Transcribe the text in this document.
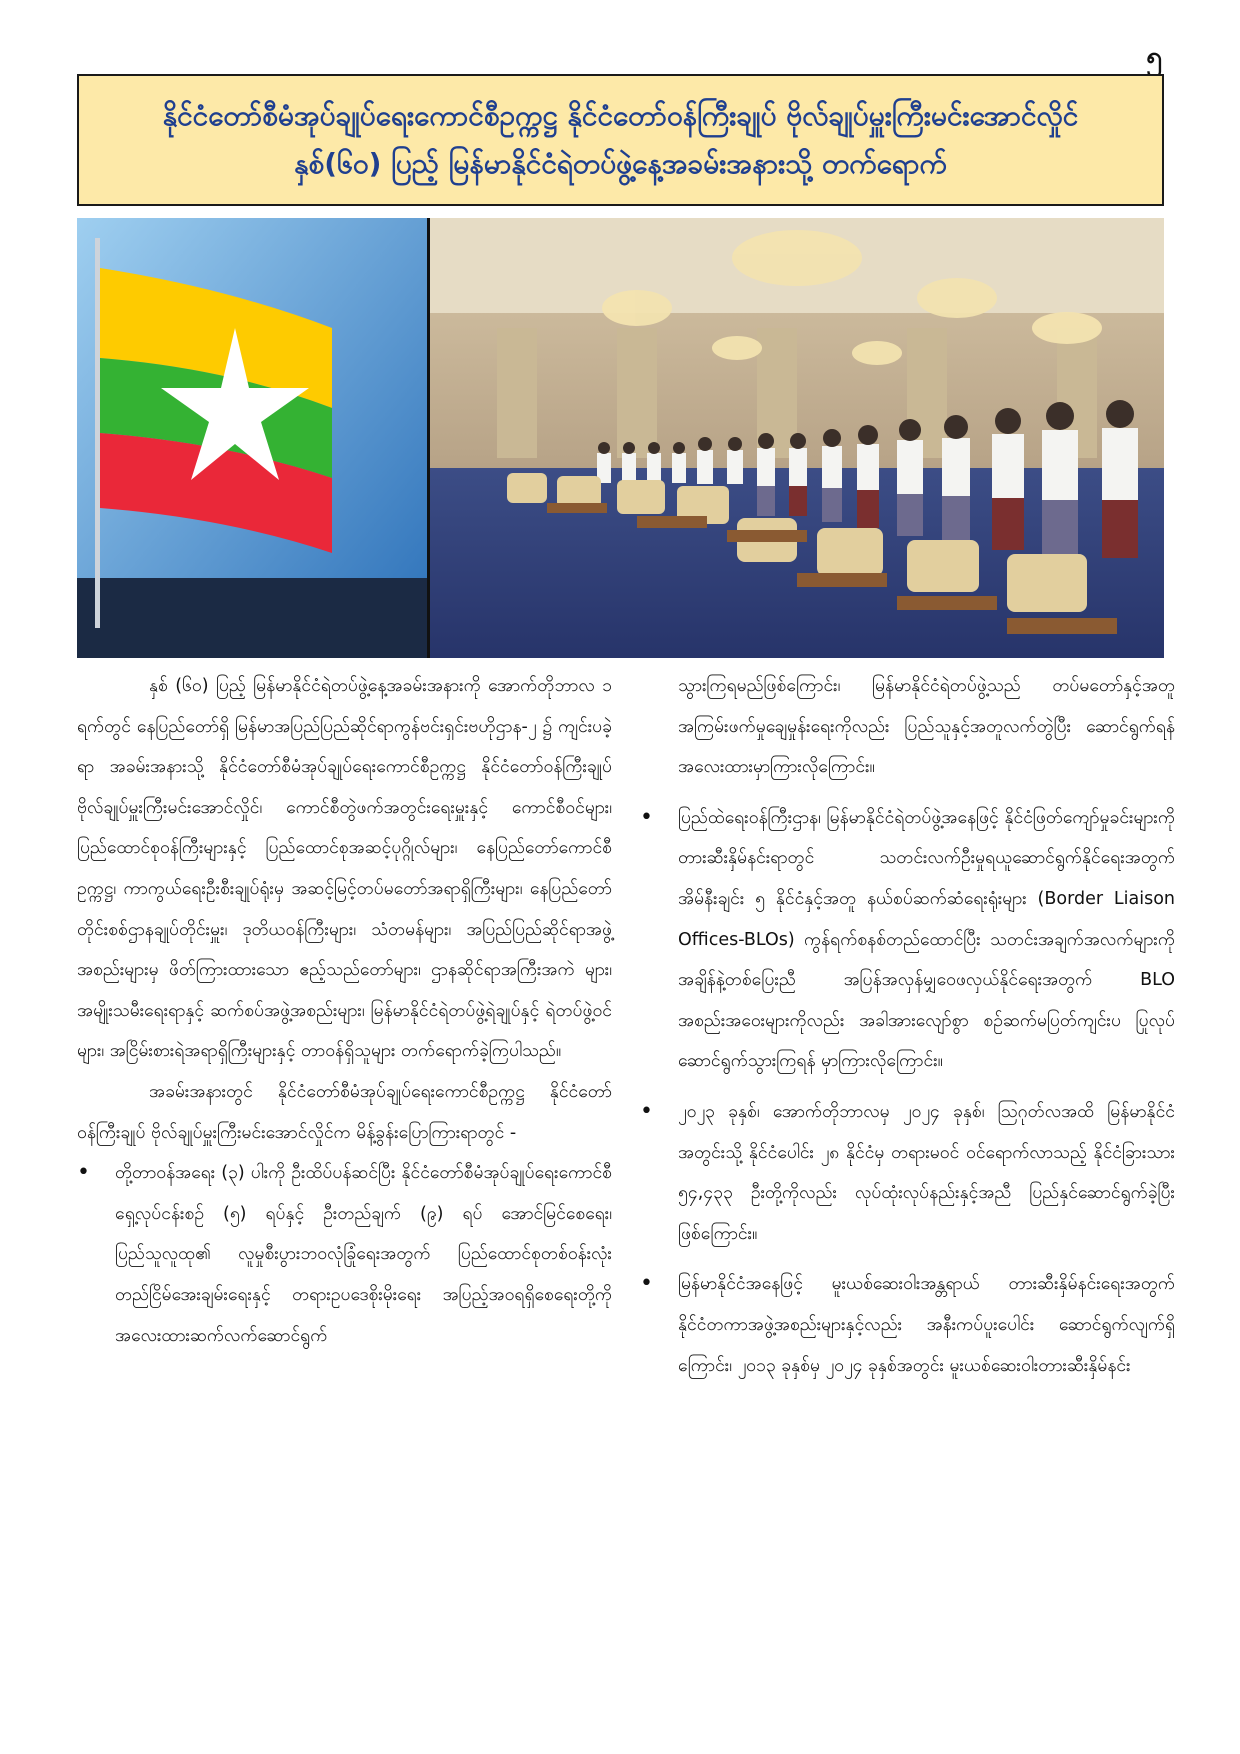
၅
နိုင်ငံတော်စီမံအုပ်ချုပ်ရေးကောင်စီဥက္ကဋ္ဌ နိုင်ငံတော်ဝန်ကြီးချုပ် ဗိုလ်ချုပ်မှူးကြီးမင်းအောင်လှိုင်
နှစ်(၆၀) ပြည့် မြန်မာနိုင်ငံရဲတပ်ဖွဲ့နေ့အခမ်းအနားသို့ တက်ရောက်

နှစ် (၆၀) ပြည့် မြန်မာနိုင်ငံရဲတပ်ဖွဲ့နေ့အခမ်းအနားကို အောက်တိုဘာလ ၁ ရက်တွင် နေပြည်တော်ရှိ မြန်မာအပြည်ပြည်ဆိုင်ရာကွန်ဗင်းရှင်းဗဟိုဌာန-၂ ၌ ကျင်းပခဲ့ရာ အခမ်းအနားသို့ နိုင်ငံတော်စီမံအုပ်ချုပ်ရေးကောင်စီဥက္ကဋ္ဌ နိုင်ငံတော်ဝန်ကြီးချုပ် ဗိုလ်ချုပ်မှူးကြီးမင်းအောင်လှိုင်၊ ကောင်စီတွဲဖက်အတွင်းရေးမှူးနှင့် ကောင်စီဝင်များ၊ ပြည်ထောင်စုဝန်ကြီးများနှင့် ပြည်ထောင်စုအဆင့်ပုဂ္ဂိုလ်များ၊ နေပြည်တော်ကောင်စီဥက္ကဋ္ဌ၊ ကာကွယ်ရေးဦးစီးချုပ်ရုံးမှ အဆင့်မြင့်တပ်မတော်အရာရှိကြီးများ၊ နေပြည်တော်တိုင်းစစ်ဌာနချုပ်တိုင်းမှူး၊ ဒုတိယဝန်ကြီးများ၊ သံတမန်များ၊ အပြည်ပြည်ဆိုင်ရာအဖွဲ့အစည်းများမှ ဖိတ်ကြားထားသော ဧည့်သည်တော်များ၊ ဌာနဆိုင်ရာအကြီးအကဲ များ၊ အမျိုးသမီးရေးရာနှင့် ဆက်စပ်အဖွဲ့အစည်းများ၊ မြန်မာနိုင်ငံရဲတပ်ဖွဲ့ရဲချုပ်နှင့် ရဲတပ်ဖွဲ့ဝင်များ၊ အငြိမ်းစားရဲအရာရှိကြီးများနှင့် တာဝန်ရှိသူများ တက်ရောက်ခဲ့ကြပါသည်။

အခမ်းအနားတွင် နိုင်ငံတော်စီမံအုပ်ချုပ်ရေးကောင်စီဥက္ကဋ္ဌ နိုင်ငံတော်ဝန်ကြီးချုပ် ဗိုလ်ချုပ်မှူးကြီးမင်းအောင်လှိုင်က မိန့်ခွန်းပြောကြားရာတွင် -

• တို့တာဝန်အရေး (၃) ပါးကို ဦးထိပ်ပန်ဆင်ပြီး နိုင်ငံတော်စီမံအုပ်ချုပ်ရေးကောင်စီ ရှေ့လုပ်ငန်းစဉ် (၅) ရပ်နှင့် ဦးတည်ချက် (၉) ရပ် အောင်မြင်စေရေး၊ ပြည်သူလူထု၏ လူမှုစီးပွားဘဝလုံခြုံရေးအတွက် ပြည်ထောင်စုတစ်ဝန်းလုံး တည်ငြိမ်အေးချမ်းရေးနှင့် တရားဥပဒေစိုးမိုးရေး အပြည့်အဝရရှိစေရေးတို့ကို အလေးထားဆက်လက်ဆောင်ရွက်

သွားကြရမည်ဖြစ်ကြောင်း၊ မြန်မာနိုင်ငံရဲတပ်ဖွဲ့သည် တပ်မတော်နှင့်အတူ အကြမ်းဖက်မှုချေမှုန်းရေးကိုလည်း ပြည်သူနှင့်အတူလက်တွဲပြီး ဆောင်ရွက်ရန် အလေးထားမှာကြားလိုကြောင်း။

• ပြည်ထဲရေးဝန်ကြီးဌာန၊ မြန်မာနိုင်ငံရဲတပ်ဖွဲ့အနေဖြင့် နိုင်ငံဖြတ်ကျော်မှုခင်းများကို တားဆီးနှိမ်နင်းရာတွင် သတင်းလက်ဦးမှုရယူဆောင်ရွက်နိုင်ရေးအတွက် အိမ်နီးချင်း ၅ နိုင်ငံနှင့်အတူ နယ်စပ်ဆက်ဆံရေးရုံးများ (Border Liaison Offices-BLOs) ကွန်ရက်စနစ်တည်ထောင်ပြီး သတင်းအချက်အလက်များကို အချိန်နဲ့တစ်ပြေးညီ အပြန်အလှန်မျှဝေဖလှယ်နိုင်ရေးအတွက် BLO အစည်းအဝေးများကိုလည်း အခါအားလျော်စွာ စဉ်ဆက်မပြတ်ကျင်းပ ပြုလုပ်ဆောင်ရွက်သွားကြရန် မှာကြားလိုကြောင်း။
• ၂၀၂၃ ခုနှစ်၊ အောက်တိုဘာလမှ ၂၀၂၄ ခုနှစ်၊ ဩဂုတ်လအထိ မြန်မာနိုင်ငံအတွင်းသို့ နိုင်ငံပေါင်း ၂၈ နိုင်ငံမှ တရားမဝင် ဝင်ရောက်လာသည့် နိုင်ငံခြားသား ၅၄,၄၃၃ ဦးတို့ကိုလည်း လုပ်ထုံးလုပ်နည်းနှင့်အညီ ပြည်နှင်ဆောင်ရွက်ခဲ့ပြီးဖြစ်ကြောင်း။
• မြန်မာနိုင်ငံအနေဖြင့် မူးယစ်ဆေးဝါးအန္တရာယ် တားဆီးနှိမ်နင်းရေးအတွက် နိုင်ငံတကာအဖွဲ့အစည်းများနှင့်လည်း အနီးကပ်ပူးပေါင်း ဆောင်ရွက်လျက်ရှိကြောင်း၊ ၂၀၁၃ ခုနှစ်မှ ၂၀၂၄ ခုနှစ်အတွင်း မူးယစ်ဆေးဝါးတားဆီးနှိမ်နင်း
